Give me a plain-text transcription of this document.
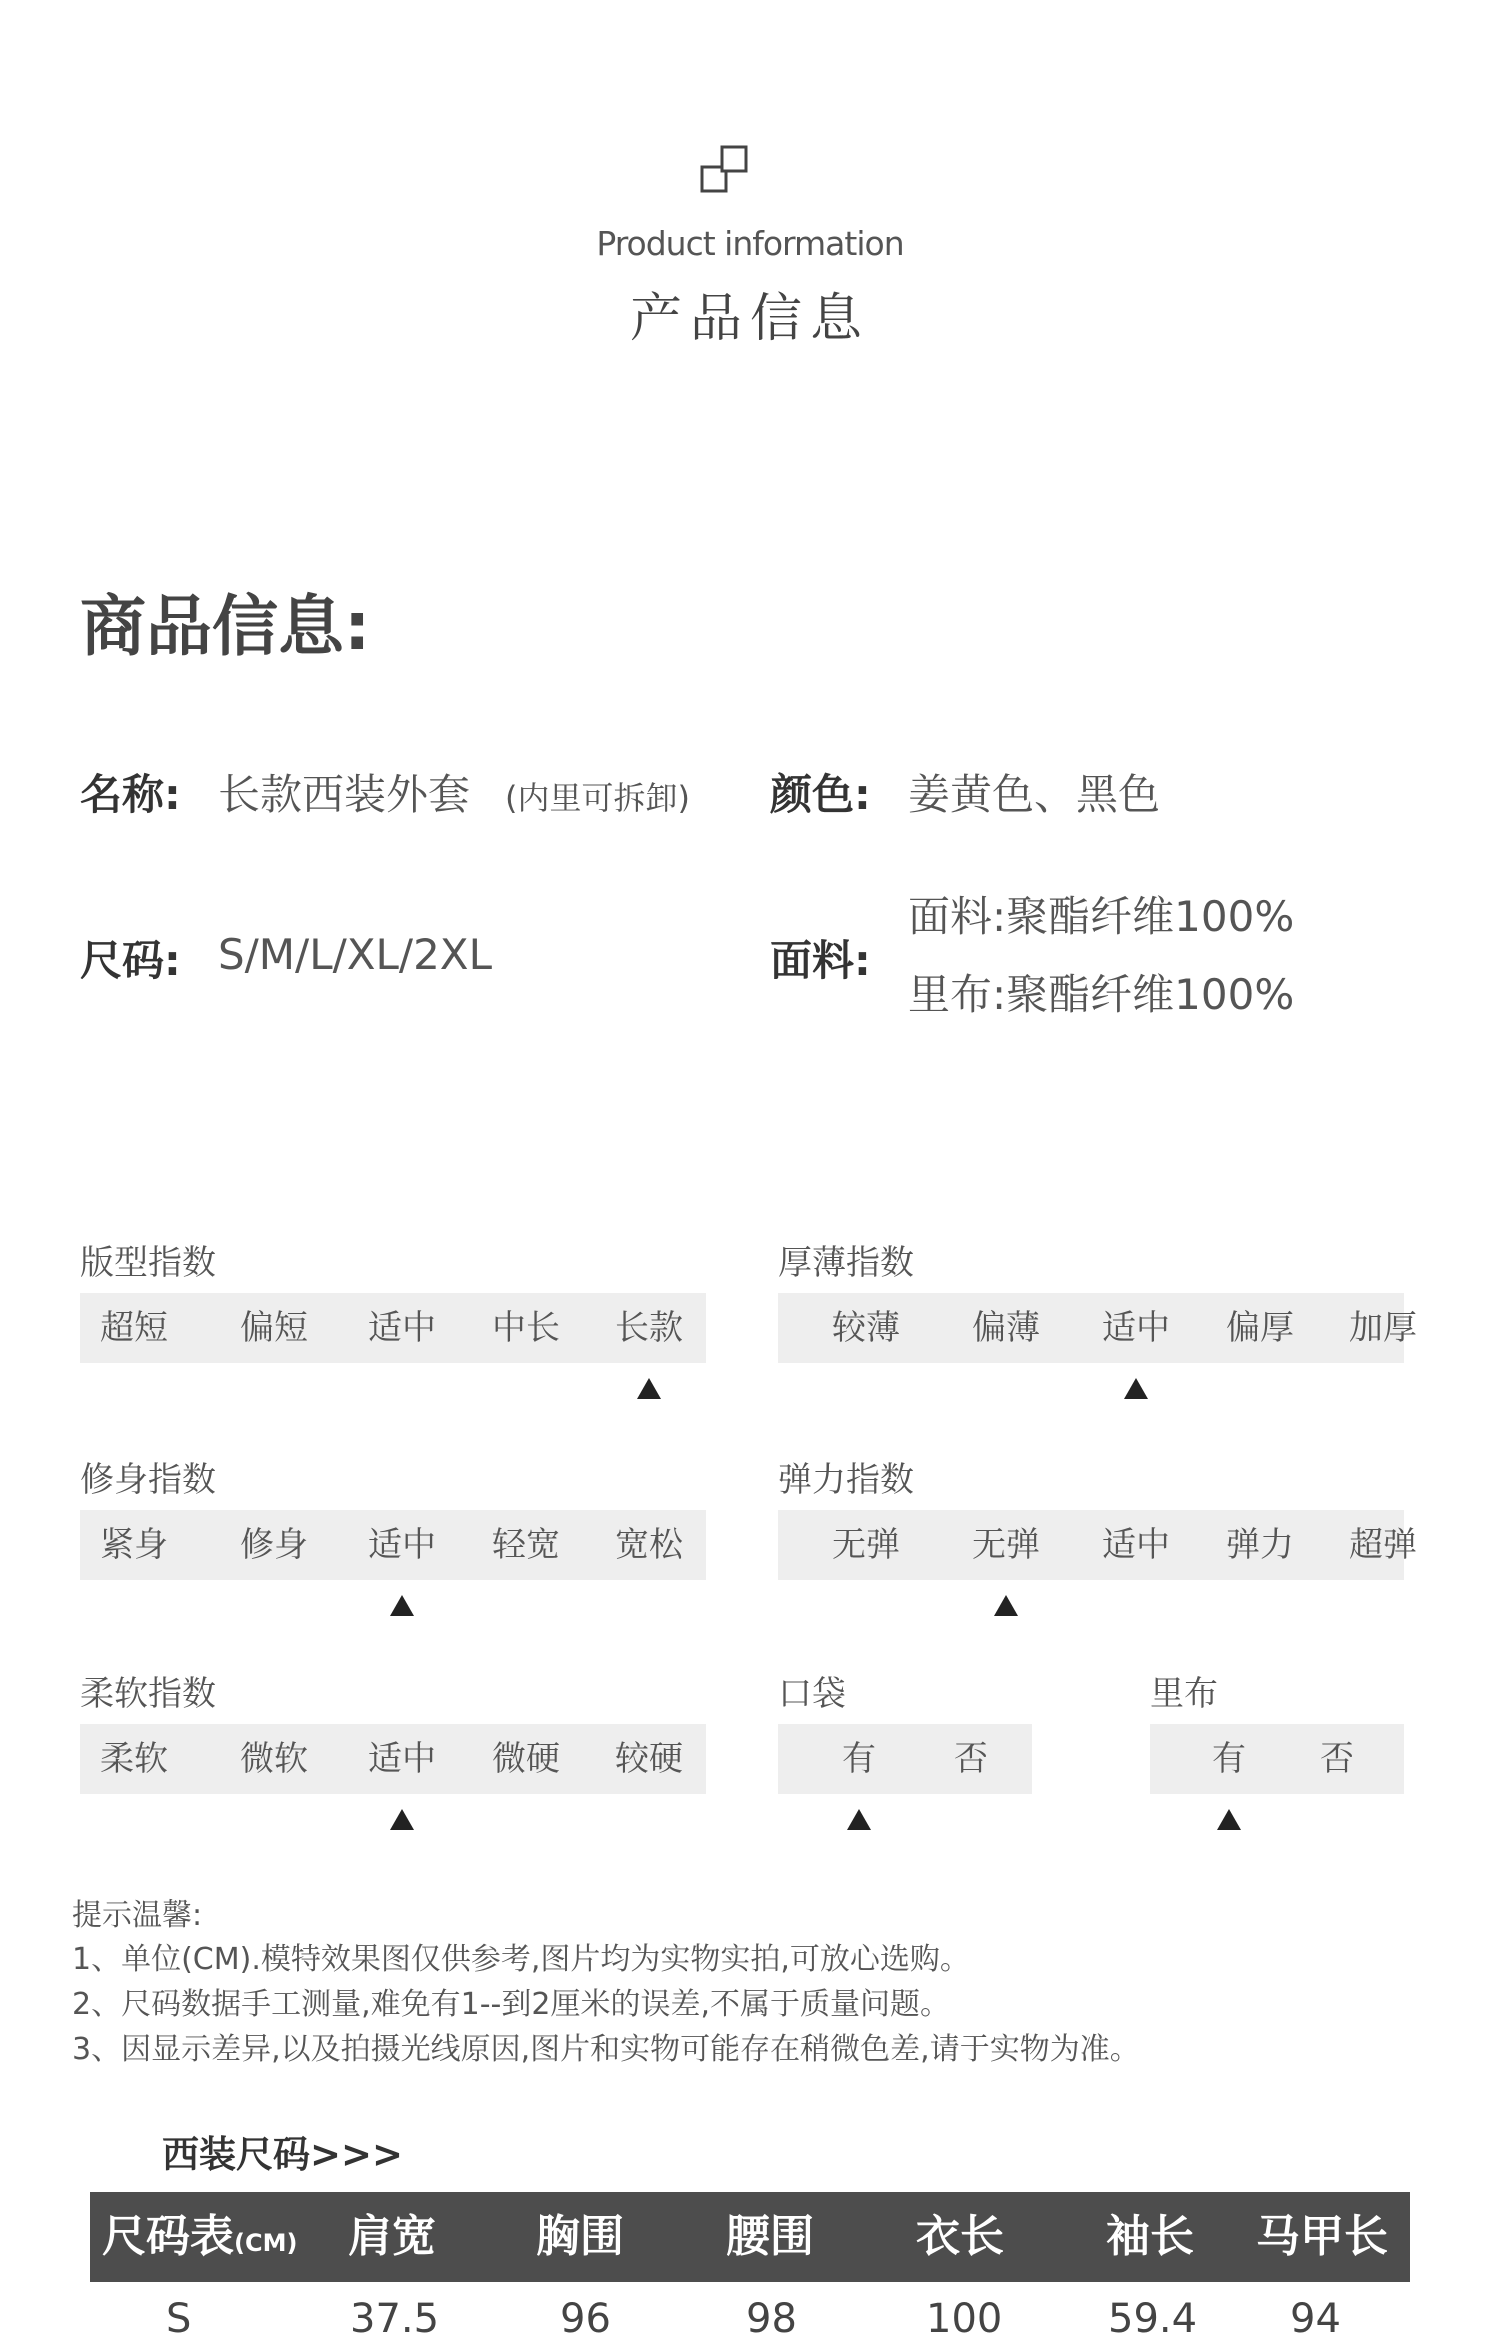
Product information
产品信息
商品信息:
名称: 长款西装外套 (内里可拆卸) 颜色: 姜黄色、黑色
尺码: S/M/L/XL/2XL	面料:
面料:聚酯纤维100%
里布:聚酯纤维100%
版型指数
超短 偏短 适中 中长 长款
厚薄指数
较薄 偏薄 适中 偏厚 加厚
修身指数
紧身 修身 适中 轻宽 宽松
弹力指数
无弹 无弹 适中 弹力 超弹
柔软指数
柔软 微软 适中 微硬 较硬
口袋
有 否
里布
有 否
提示温馨:
1、单位(CM).模特效果图仅供参考,图片均为实物实拍,可放心选购。
2、尺码数据手工测量,难免有1--到2厘米的误差,不属于质量问题。
3、因显示差异,以及拍摄光线原因,图片和实物可能存在稍微色差,请于实物为准。
西装尺码>>>
尺码表(CM) 肩宽 胸围 腰围 衣长 袖长 马甲长
S	37.5	96	98	100	59.4 94
